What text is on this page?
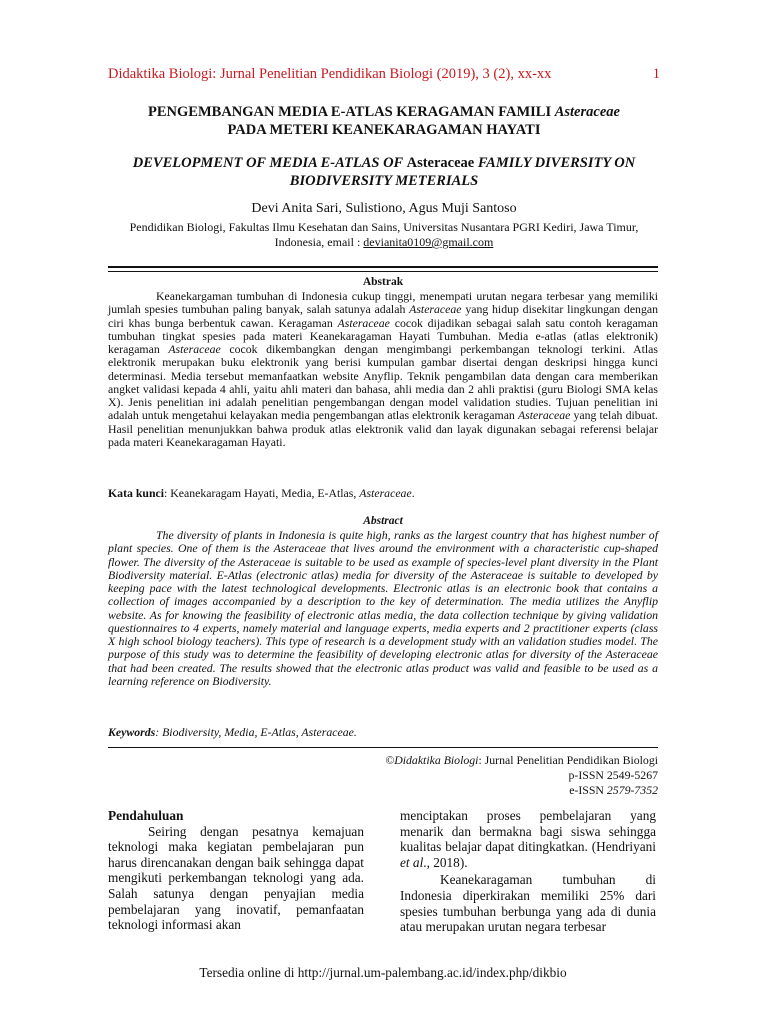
Didaktika Biologi: Jurnal Penelitian Pendidikan Biologi (2019), 3 (2), xx-xx	1
PENGEMBANGAN MEDIA E-ATLAS KERAGAMAN FAMILI Asteraceae
PADA METERI KEANEKARAGAMAN HAYATI
DEVELOPMENT OF MEDIA E-ATLAS OF Asteraceae FAMILY DIVERSITY ON
BIODIVERSITY METERIALS
Devi Anita Sari, Sulistiono, Agus Muji Santoso
Pendidikan Biologi, Fakultas Ilmu Kesehatan dan Sains, Universitas Nusantara PGRI Kediri, Jawa Timur,
Indonesia, email : devianita0109@gmail.com
Abstrak

Keanekargaman tumbuhan di Indonesia cukup tinggi, menempati urutan negara terbesar yang memiliki jumlah spesies tumbuhan paling banyak, salah satunya adalah Asteraceae yang hidup disekitar lingkungan dengan ciri khas bunga berbentuk cawan. Keragaman Asteraceae cocok dijadikan sebagai salah satu contoh keragaman tumbuhan tingkat spesies pada materi Keanekaragaman Hayati Tumbuhan. Media e-atlas (atlas elektronik) keragaman Asteraceae cocok dikembangkan dengan mengimbangi perkembangan teknologi terkini. Atlas elektronik merupakan buku elektronik yang berisi kumpulan gambar disertai dengan deskripsi hingga kunci determinasi. Media tersebut memanfaatkan website Anyflip. Teknik pengambilan data dengan cara memberikan angket validasi kepada 4 ahli, yaitu ahli materi dan bahasa, ahli media dan 2 ahli praktisi (guru Biologi SMA kelas X). Jenis penelitian ini adalah penelitian pengembangan dengan model validation studies. Tujuan penelitian ini adalah untuk mengetahui kelayakan media pengembangan atlas elektronik keragaman Asteraceae yang telah dibuat. Hasil penelitian menunjukkan bahwa produk atlas elektronik valid dan layak digunakan sebagai referensi belajar pada materi Keanekaragaman Hayati.

Kata kunci: Keanekaragam Hayati, Media, E-Atlas, Asteraceae.
Abstract

The diversity of plants in Indonesia is quite high, ranks as the largest country that has highest number of plant species. One of them is the Asteraceae that lives around the environment with a characteristic cup-shaped flower. The diversity of the Asteraceae is suitable to be used as example of species-level plant diversity in the Plant Biodiversity material. E-Atlas (electronic atlas) media for diversity of the Asteraceae is suitable to developed by keeping pace with the latest technological developments. Electronic atlas is an electronic book that contains a collection of images accompanied by a description to the key of determination. The media utilizes the Anyflip website. As for knowing the feasibility of electronic atlas media, the data collection technique by giving validation questionnaires to 4 experts, namely material and language experts, media experts and 2 practitioner experts (class X high school biology teachers). This type of research is a development study with an validation studies model. The purpose of this study was to determine the feasibility of developing electronic atlas for diversity of the Asteraceae that had been created. The results showed that the electronic atlas product was valid and feasible to be used as a learning reference on Biodiversity.

Keywords: Biodiversity, Media, E-Atlas, Asteraceae.
©Didaktika Biologi: Jurnal Penelitian Pendidikan Biologi
p-ISSN 2549-5267
e-ISSN 2579-7352
Pendahuluan

Seiring dengan pesatnya kemajuan teknologi maka kegiatan pembelajaran pun harus direncanakan dengan baik sehingga dapat mengikuti perkembangan teknologi yang ada. Salah satunya dengan penyajian media pembelajaran yang inovatif, pemanfaatan teknologi informasi akan

menciptakan proses pembelajaran yang menarik dan bermakna bagi siswa sehingga kualitas belajar dapat ditingkatkan. (Hendriyani et al., 2018).

Keanekaragaman tumbuhan di Indonesia diperkirakan memiliki 25% dari spesies tumbuhan berbunga yang ada di dunia atau merupakan urutan negara terbesar

Tersedia online di http://jurnal.um-palembang.ac.id/index.php/dikbio
